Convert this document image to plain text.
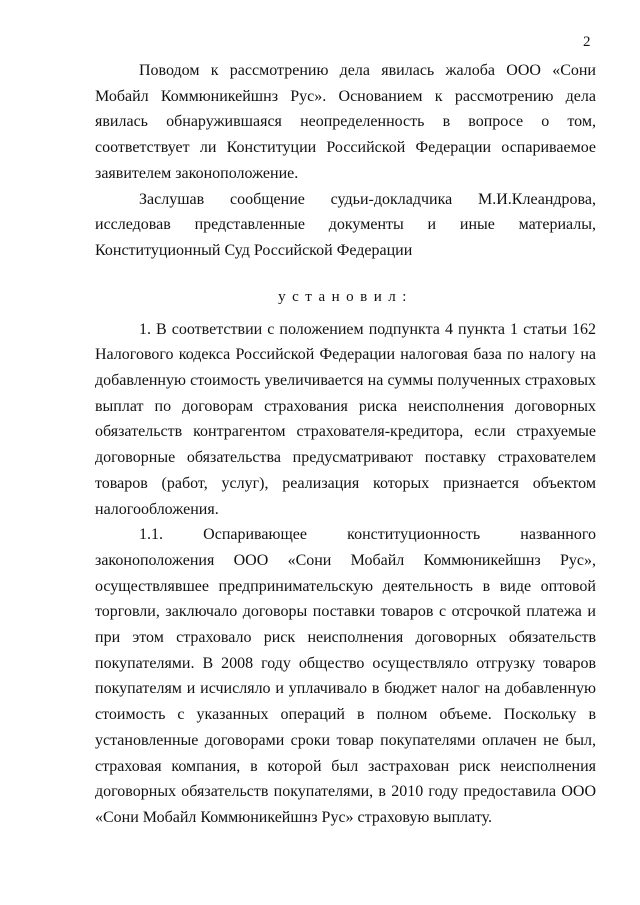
2

Поводом к рассмотрению дела явилась жалоба ООО «Сони Мобайл Коммюникейшнз Рус». Основанием к рассмотрению дела явилась обнаружившаяся неопределенность в вопросе о том, соответствует ли Конституции Российской Федерации оспариваемое заявителем законоположение.

Заслушав сообщение судьи-докладчика М.И.Клеандрова, исследовав представленные документы и иные материалы, Конституционный Суд Российской Федерации

установил:

1. В соответствии с положением подпункта 4 пункта 1 статьи 162 Налогового кодекса Российской Федерации налоговая база по налогу на добавленную стоимость увеличивается на суммы полученных страховых выплат по договорам страхования риска неисполнения договорных обязательств контрагентом страхователя-кредитора, если страхуемые договорные обязательства предусматривают поставку страхователем товаров (работ, услуг), реализация которых признается объектом налогообложения.

1.1. Оспаривающее конституционность названного законоположения ООО «Сони Мобайл Коммюникейшнз Рус», осуществлявшее предпринимательскую деятельность в виде оптовой торговли, заключало договоры поставки товаров с отсрочкой платежа и при этом страховало риск неисполнения договорных обязательств покупателями. В 2008 году общество осуществляло отгрузку товаров покупателям и исчисляло и уплачивало в бюджет налог на добавленную стоимость с указанных операций в полном объеме. Поскольку в установленные договорами сроки товар покупателями оплачен не был, страховая компания, в которой был застрахован риск неисполнения договорных обязательств покупателями, в 2010 году предоставила ООО «Сони Мобайл Коммюникейшнз Рус» страховую выплату.
